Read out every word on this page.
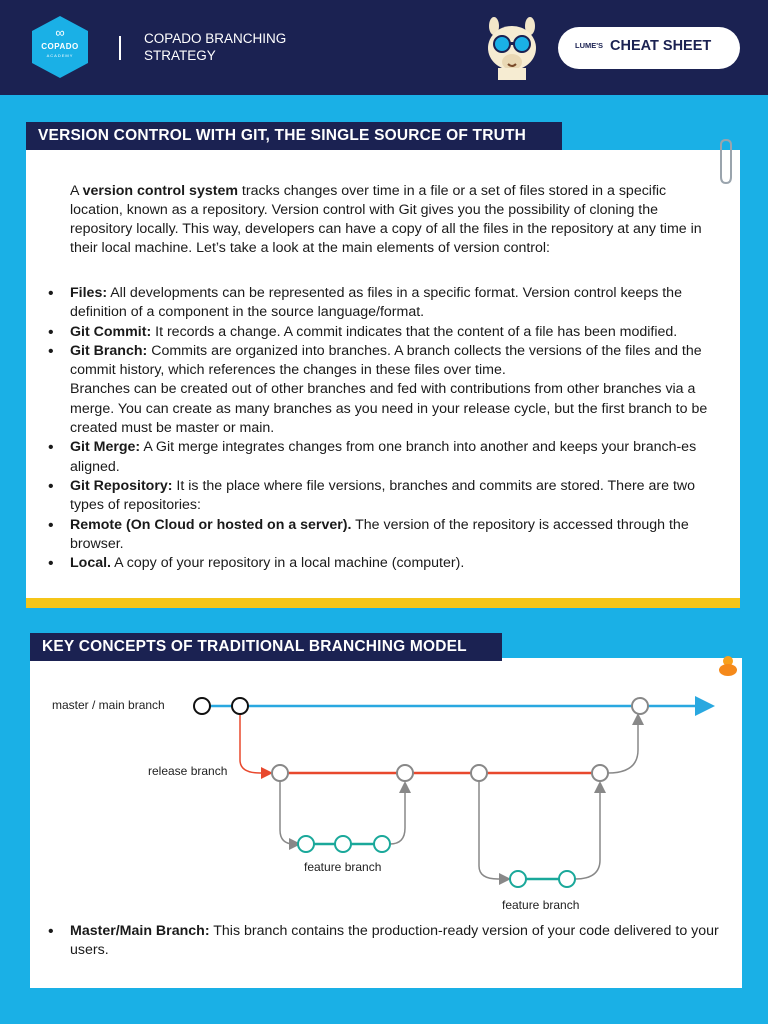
∞
COPADO
ACADEMY
COPADO BRANCHING STRATEGY
LUME'S CHEAT SHEET
VERSION CONTROL WITH GIT, THE SINGLE SOURCE OF TRUTH

A version control system tracks changes over time in a file or a set of files stored in a specific location, known as a repository. Version control with Git gives you the possibility of cloning the repository locally. This way, developers can have a copy of all the files in the repository at any time in their local machine. Let’s take a look at the main elements of version control:

• Files: All developments can be represented as files in a specific format. Version control keeps the definition of a component in the source language/format.
• Git Commit: It records a change. A commit indicates that the content of a file has been modified.
• Git Branch: Commits are organized into branches. A branch collects the versions of the files and the commit history, which references the changes in these files over time.
Branches can be created out of other branches and fed with contributions from other branches via a merge. You can create as many branches as you need in your release cycle, but the first branch to be created must be master or main.
• Git Merge: A Git merge integrates changes from one branch into another and keeps your branch-es aligned.
• Git Repository: It is the place where file versions, branches and commits are stored. There are two types of repositories:
• Remote (On Cloud or hosted on a server). The version of the repository is accessed through the browser.
• Local. A copy of your repository in a local machine (computer).
KEY CONCEPTS OF TRADITIONAL BRANCHING MODEL
master / main branch
release branch
feature branch
feature branch
• Master/Main Branch: This branch contains the production-ready version of your code delivered to your users.
